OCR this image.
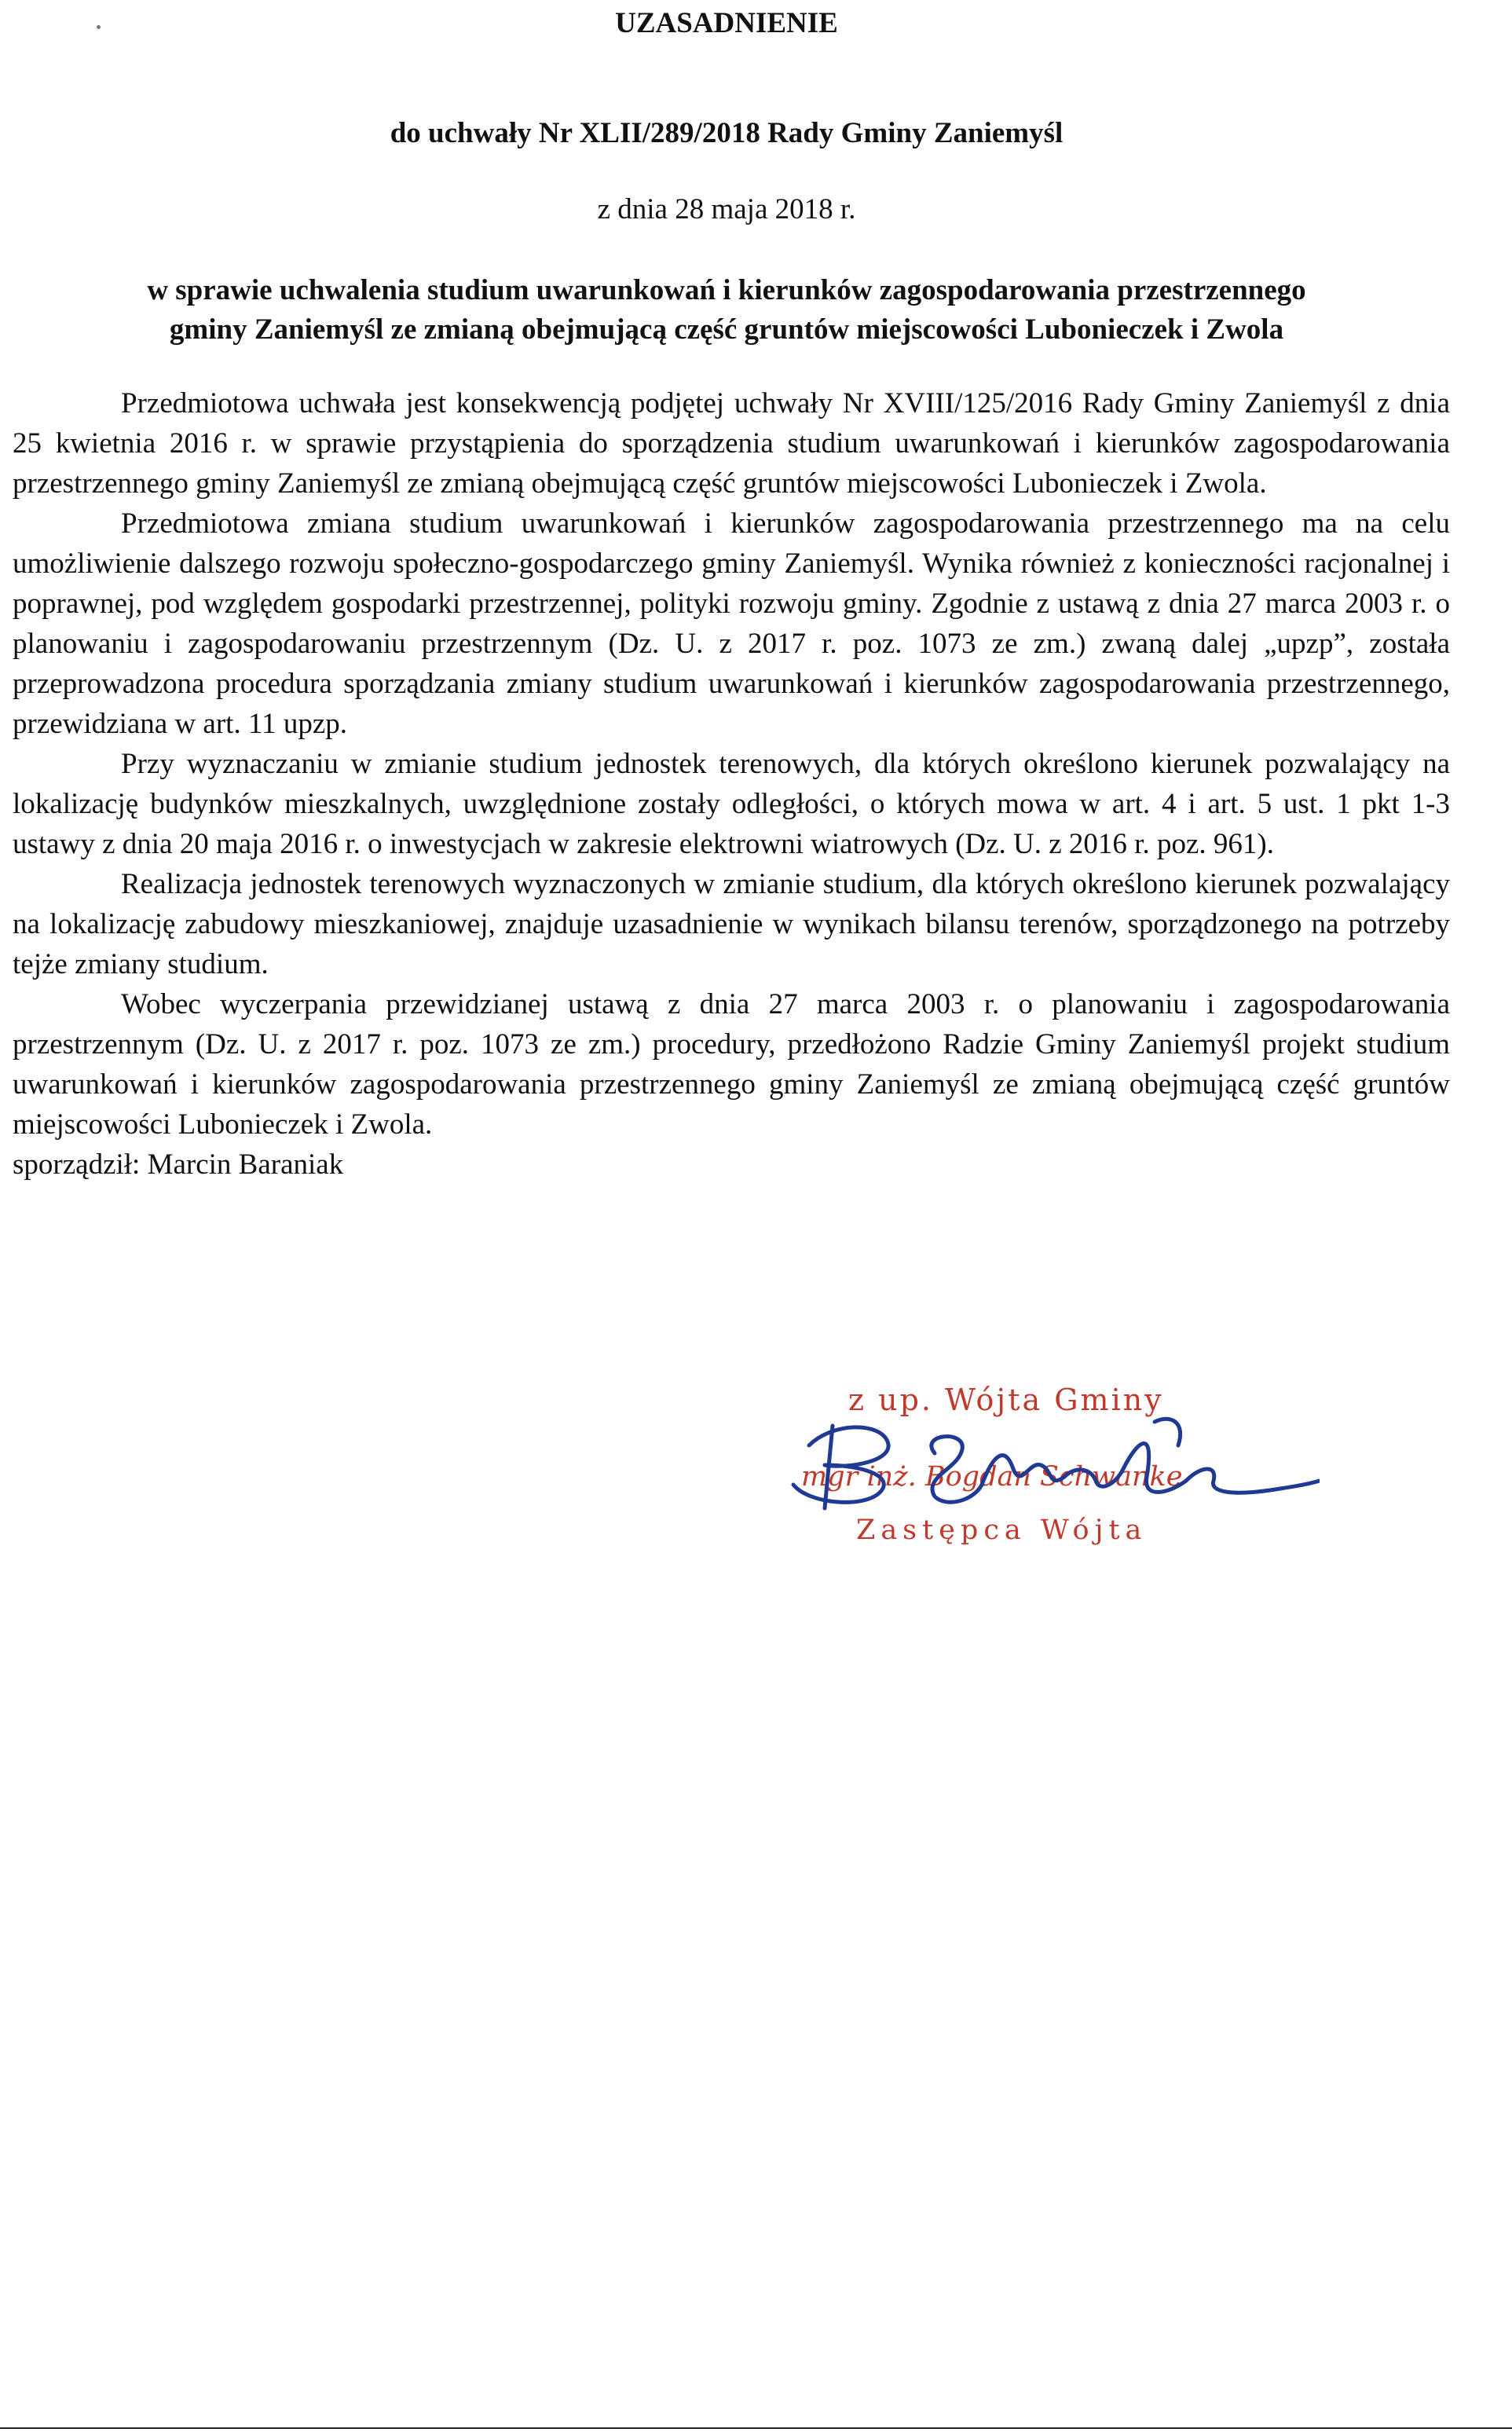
UZASADNIENIE
do uchwały Nr XLII/289/2018 Rady Gminy Zaniemyśl
z dnia 28 maja 2018 r.
w sprawie uchwalenia studium uwarunkowań i kierunków zagospodarowania przestrzennego
gminy Zaniemyśl ze zmianą obejmującą część gruntów miejscowości Lubonieczek i Zwola

Przedmiotowa uchwała jest konsekwencją podjętej uchwały Nr XVIII/125/2016 Rady Gminy Zaniemyśl z dnia 25 kwietnia 2016 r. w sprawie przystąpienia do sporządzenia studium uwarunkowań i kierunków zagospodarowania przestrzennego gminy Zaniemyśl ze zmianą obejmującą część gruntów miejscowości Lubonieczek i Zwola.

Przedmiotowa zmiana studium uwarunkowań i kierunków zagospodarowania przestrzennego ma na celu umożliwienie dalszego rozwoju społeczno-gospodarczego gminy Zaniemyśl. Wynika również z konieczności racjonalnej i poprawnej, pod względem gospodarki przestrzennej, polityki rozwoju gminy. Zgodnie z ustawą z dnia 27 marca 2003 r. o planowaniu i zagospodarowaniu przestrzennym (Dz. U. z 2017 r. poz. 1073 ze zm.) zwaną dalej „upzp”, została przeprowadzona procedura sporządzania zmiany studium uwarunkowań i kierunków zagospodarowania przestrzennego, przewidziana w art. 11 upzp.

Przy wyznaczaniu w zmianie studium jednostek terenowych, dla których określono kierunek pozwalający na lokalizację budynków mieszkalnych, uwzględnione zostały odległości, o których mowa w art. 4 i art. 5 ust. 1 pkt 1-3 ustawy z dnia 20 maja 2016 r. o inwestycjach w zakresie elektrowni wiatrowych (Dz. U. z 2016 r. poz. 961).

Realizacja jednostek terenowych wyznaczonych w zmianie studium, dla których określono kierunek pozwalający na lokalizację zabudowy mieszkaniowej, znajduje uzasadnienie w wynikach bilansu terenów, sporządzonego na potrzeby tejże zmiany studium.

Wobec wyczerpania przewidzianej ustawą z dnia 27 marca 2003 r. o planowaniu i zagospodarowania przestrzennym (Dz. U. z 2017 r. poz. 1073 ze zm.) procedury, przedłożono Radzie Gminy Zaniemyśl projekt studium uwarunkowań i kierunków zagospodarowania przestrzennego gminy Zaniemyśl ze zmianą obejmującą część gruntów miejscowości Lubonieczek i Zwola.

sporządził: Marcin Baraniak

z up. Wójta Gminy
mgr inż. Bogdan Schwanke
Zastępca Wójta
